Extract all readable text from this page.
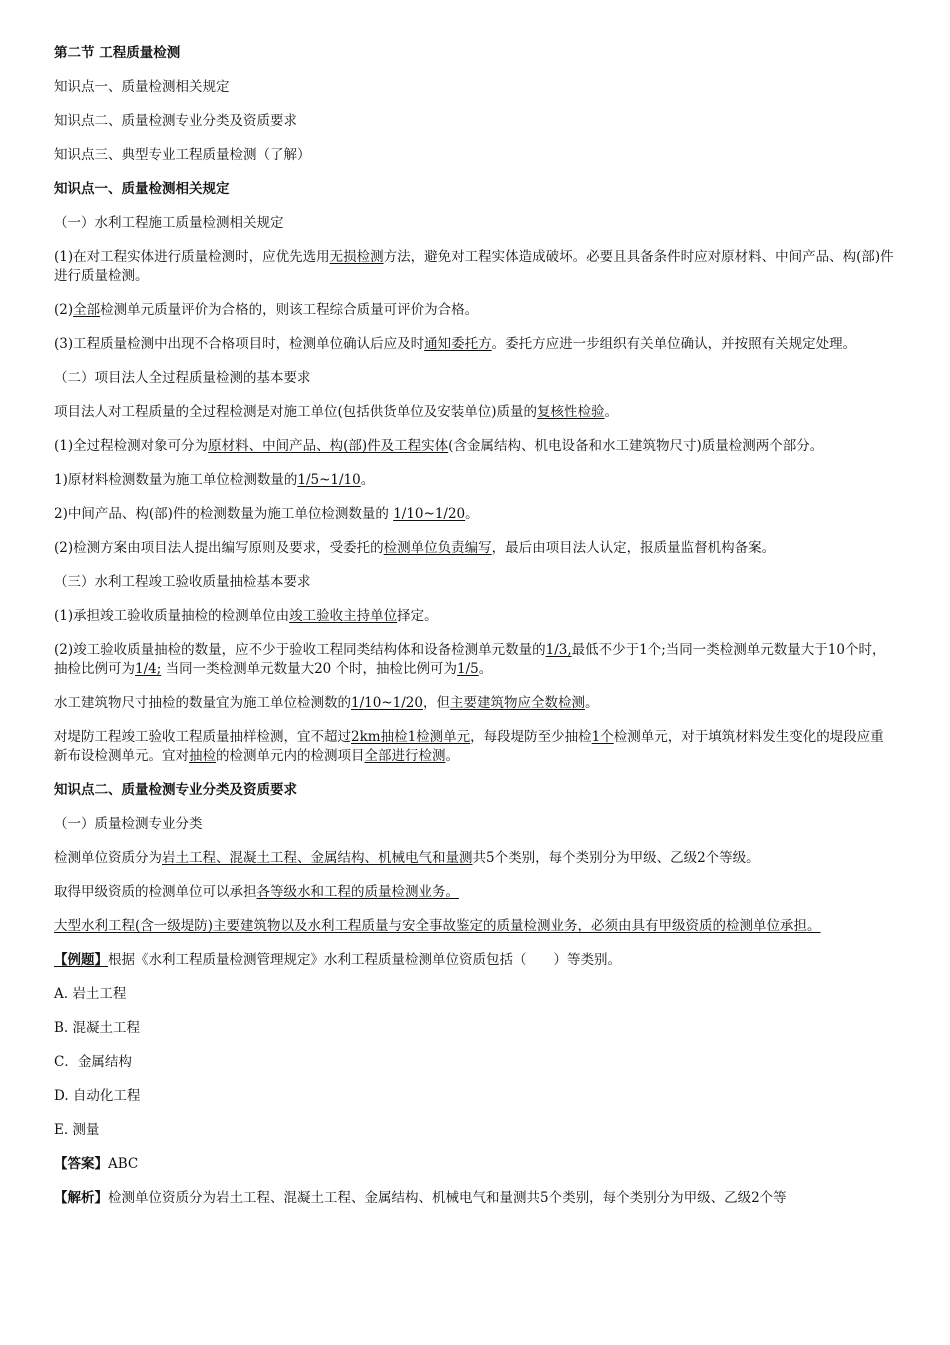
第二节 工程质量检测

知识点一、质量检测相关规定

知识点二、质量检测专业分类及资质要求

知识点三、典型专业工程质量检测（了解）

知识点一、质量检测相关规定

（一）水利工程施工质量检测相关规定

(1)在对工程实体进行质量检测时，应优先选用无损检测方法，避免对工程实体造成破坏。必要且具备条件时应对原材料、中间产品、构(部)件进行质量检测。

(2)全部检测单元质量评价为合格的，则该工程综合质量可评价为合格。

(3)工程质量检测中出现不合格项目时，检测单位确认后应及时通知委托方。委托方应进一步组织有关单位确认，并按照有关规定处理。

（二）项目法人全过程质量检测的基本要求

项目法人对工程质量的全过程检测是对施工单位(包括供货单位及安装单位)质量的复核性检验。

(1)全过程检测对象可分为原材料、中间产品、构(部)件及工程实体(含金属结构、机电设备和水工建筑物尺寸)质量检测两个部分。

1)原材料检测数量为施工单位检测数量的1/5~1/10。

2)中间产品、构(部)件的检测数量为施工单位检测数量的 1/10~1/20。

(2)检测方案由项目法人提出编写原则及要求，受委托的检测单位负责编写，最后由项目法人认定，报质量监督机构备案。

（三）水利工程竣工验收质量抽检基本要求

(1)承担竣工验收质量抽检的检测单位由竣工验收主持单位择定。

(2)竣工验收质量抽检的数量，应不少于验收工程同类结构体和设备检测单元数量的1/3,最低不少于1个;当同一类检测单元数量大于10个时，抽检比例可为1/4; 当同一类检测单元数量大20 个时，抽检比例可为1/5。

水工建筑物尺寸抽检的数量宜为施工单位检测数的1/10~1/20，但主要建筑物应全数检测。

对堤防工程竣工验收工程质量抽样检测，宜不超过2km抽检1检测单元，每段堤防至少抽检1个检测单元，对于填筑材料发生变化的堤段应重新布设检测单元。宜对抽检的检测单元内的检测项目全部进行检测。

知识点二、质量检测专业分类及资质要求

（一）质量检测专业分类

检测单位资质分为岩土工程、混凝土工程、金属结构、机械电气和量测共5个类别，每个类别分为甲级、乙级2个等级。

取得甲级资质的检测单位可以承担各等级水和工程的质量检测业务。

大型水利工程(含一级堤防)主要建筑物以及水利工程质量与安全事故鉴定的质量检测业务，必须由具有甲级资质的检测单位承担。

【例题】根据《水利工程质量检测管理规定》水利工程质量检测单位资质包括（　　）等类别。

A. 岩土工程

B. 混凝土工程

C．金属结构

D. 自动化工程

E. 测量

【答案】ABC

【解析】检测单位资质分为岩土工程、混凝土工程、金属结构、机械电气和量测共5个类别，每个类别分为甲级、乙级2个等
